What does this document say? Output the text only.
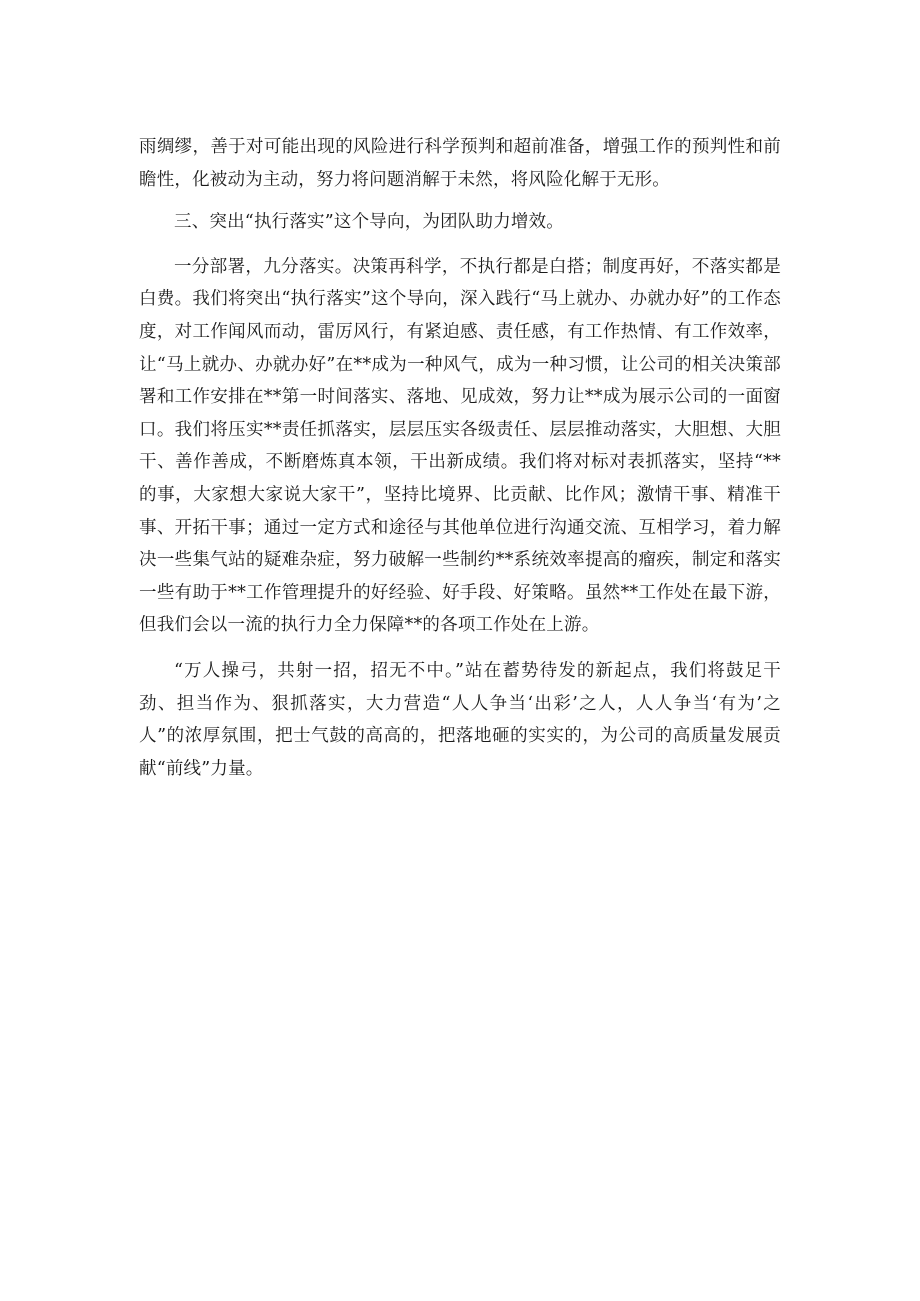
雨绸缪，善于对可能出现的风险进行科学预判和超前准备，增强工作的预判性和前瞻性，化被动为主动，努力将问题消解于未然，将风险化解于无形。

三、突出“执行落实”这个导向，为团队助力增效。

一分部署，九分落实。决策再科学，不执行都是白搭；制度再好，不落实都是白费。我们将突出“执行落实”这个导向，深入践行“马上就办、办就办好”的工作态度，对工作闻风而动，雷厉风行，有紧迫感、责任感，有工作热情、有工作效率，让“马上就办、办就办好”在**成为一种风气，成为一种习惯，让公司的相关决策部署和工作安排在**第一时间落实、落地、见成效，努力让**成为展示公司的一面窗口。我们将压实**责任抓落实，层层压实各级责任、层层推动落实，大胆想、大胆干、善作善成，不断磨炼真本领，干出新成绩。我们将对标对表抓落实，坚持“**的事，大家想大家说大家干”，坚持比境界、比贡献、比作风；激情干事、精准干事、开拓干事；通过一定方式和途径与其他单位进行沟通交流、互相学习，着力解决一些集气站的疑难杂症，努力破解一些制约**系统效率提高的瘤疾，制定和落实一些有助于**工作管理提升的好经验、好手段、好策略。虽然**工作处在最下游，但我们会以一流的执行力全力保障**的各项工作处在上游。

“万人操弓，共射一招，招无不中。”站在蓄势待发的新起点，我们将鼓足干劲、担当作为、狠抓落实，大力营造“人人争当‘出彩’之人，人人争当‘有为’之人”的浓厚氛围，把士气鼓的高高的，把落地砸的实实的，为公司的高质量发展贡献“前线”力量。
